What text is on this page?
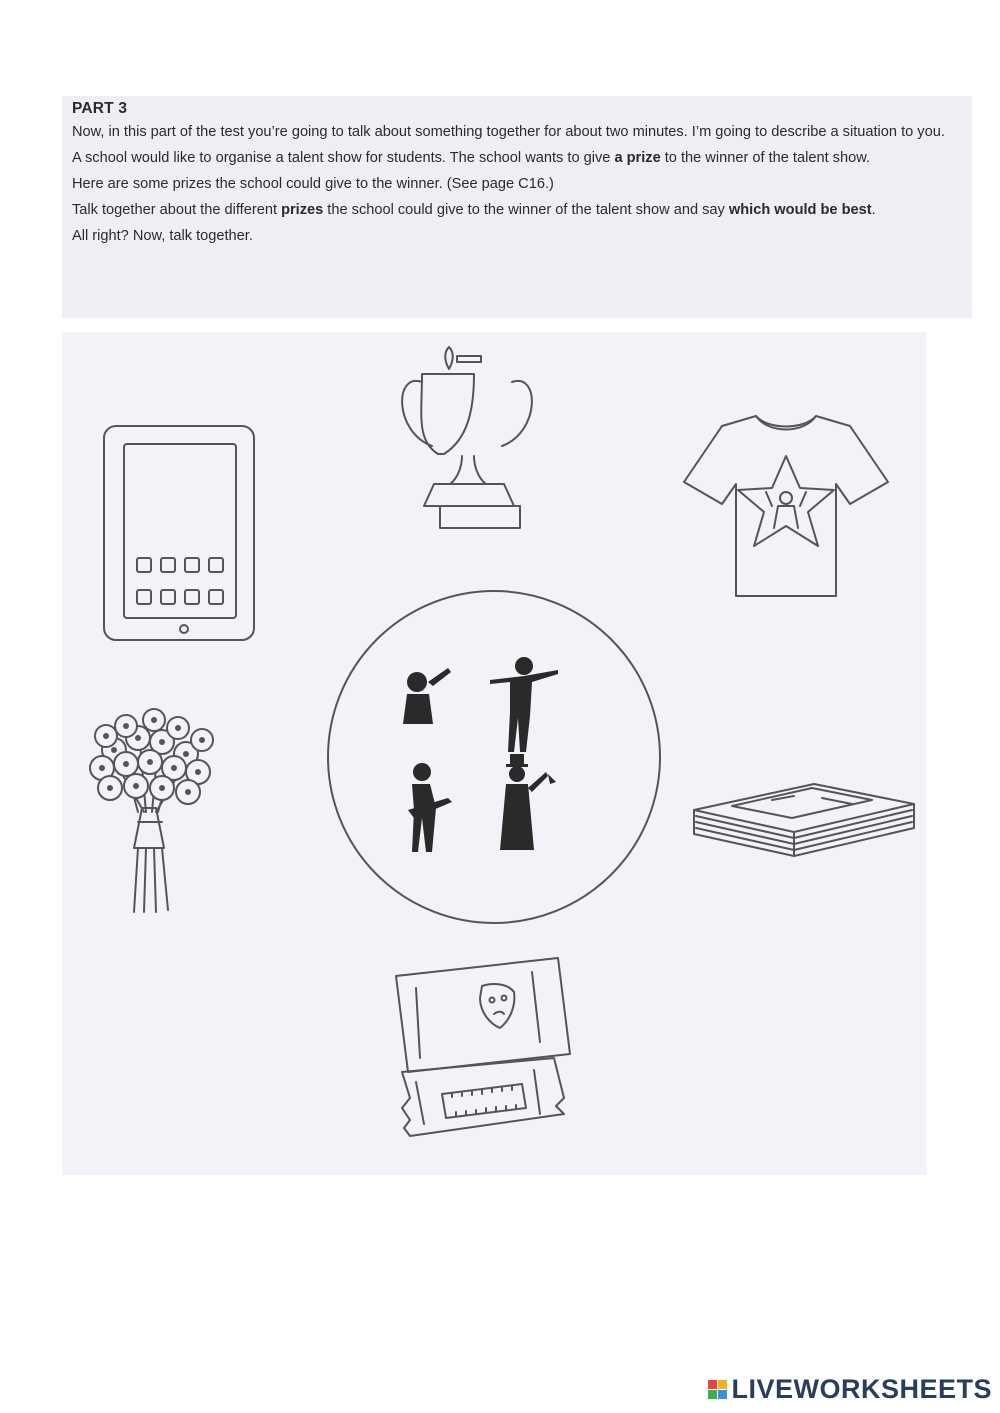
PART 3

Now, in this part of the test you’re going to talk about something together for about two minutes. I’m going to describe a situation to you.

A school would like to organise a talent show for students. The school wants to give a prize to the winner of the talent show.

Here are some prizes the school could give to the winner. (See page C16.)

Talk together about the different prizes the school could give to the winner of the talent show and say which would be best.

All right? Now, talk together.

LIVEWORKSHEETS
